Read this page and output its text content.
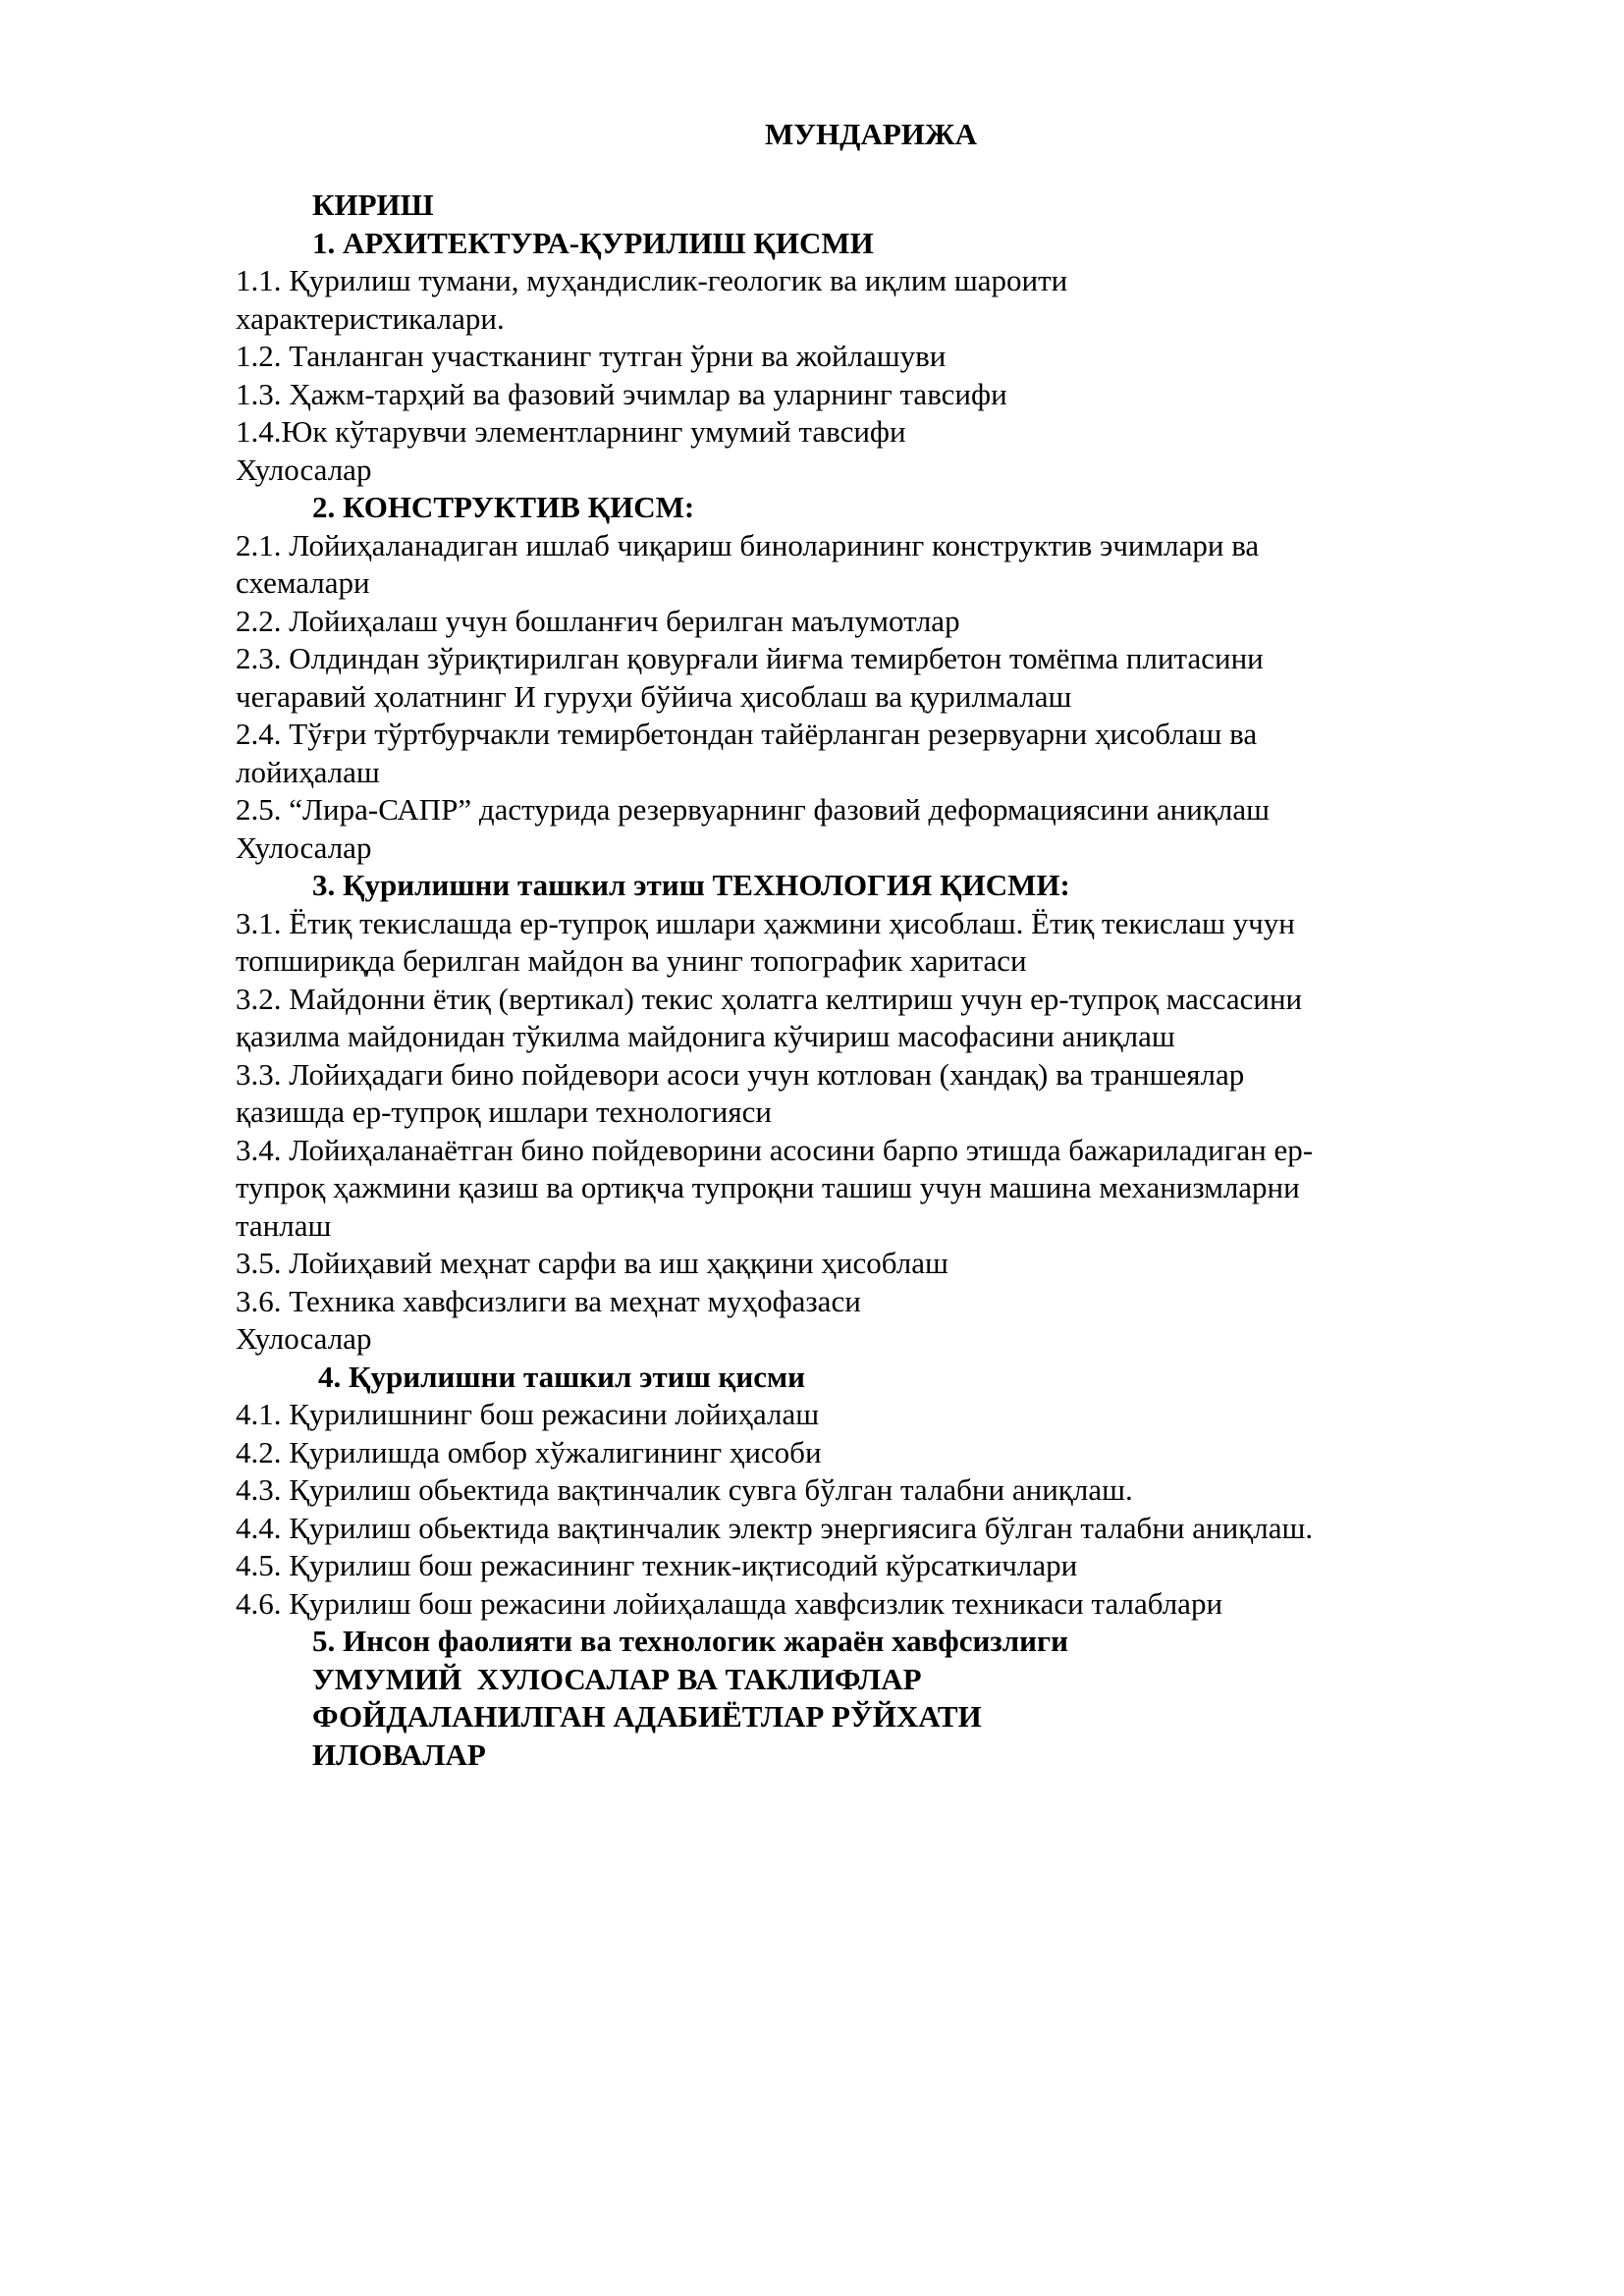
МУНДАРИЖА
КИРИШ
1. АРХИТЕКТУРА-ҚУРИЛИШ ҚИСМИ
1.1. Қурилиш тумани, муҳандислик-геологик ва иқлим шароити
характеристикалари.
1.2. Танланган участканинг тутган ўрни ва жойлашуви
1.3. Ҳажм-тарҳий ва фазовий эчимлар ва уларнинг тавсифи
1.4.Юк кўтарувчи элементларнинг умумий тавсифи
Хулосалар
2. КОНСТРУКТИВ ҚИСМ:
2.1. Лойиҳаланадиган ишлаб чиқариш биноларининг конструктив эчимлари ва
схемалари
2.2. Лойиҳалаш учун бошланғич берилган маълумотлар
2.3. Олдиндан зўриқтирилган қовурғали йиғма темирбетон томёпма плитасини
чегаравий ҳолатнинг И гуруҳи бўйича ҳисоблаш ва қурилмалаш
2.4. Тўғри тўртбурчакли темирбетондан тайёрланган резервуарни ҳисоблаш ва
лойиҳалаш
2.5. “Лира-САПР” дастурида резервуарнинг фазовий деформациясини аниқлаш
Хулосалар
3. Қурилишни ташкил этиш ТЕХНОЛОГИЯ ҚИСМИ:
3.1. Ётиқ текислашда ер-тупроқ ишлари ҳажмини ҳисоблаш. Ётиқ текислаш учун
топшириқда берилган майдон ва унинг топографик харитаси
3.2. Майдонни ётиқ (вертикал) текис ҳолатга келтириш учун ер-тупроқ массасини
қазилма майдонидан тўкилма майдонига кўчириш масофасини аниқлаш
3.3. Лойиҳадаги бино пойдевори асоси учун котлован (хандақ) ва траншеялар
қазишда ер-тупроқ ишлари технологияси
3.4. Лойиҳаланаётган бино пойдеворини асосини барпо этишда бажариладиган ер-
тупроқ ҳажмини қазиш ва ортиқча тупроқни ташиш учун машина механизмларни
танлаш
3.5. Лойиҳавий меҳнат сарфи ва иш ҳаққини ҳисоблаш
3.6. Техника хавфсизлиги ва меҳнат муҳофазаси
Хулосалар
4. Қурилишни ташкил этиш қисми
4.1. Қурилишнинг бош режасини лойиҳалаш
4.2. Қурилишда омбор хўжалигининг ҳисоби
4.3. Қурилиш обьектида вақтинчалик сувга бўлган талабни аниқлаш.
4.4. Қурилиш обьектида вақтинчалик электр энергиясига бўлган талабни аниқлаш.
4.5. Қурилиш бош режасининг техник-иқтисодий кўрсаткичлари
4.6. Қурилиш бош режасини лойиҳалашда хавфсизлик техникаси талаблари
5. Инсон фаолияти ва технологик жараён хавфсизлиги
УМУМИЙ  ХУЛОСАЛАР ВА ТАКЛИФЛАР
ФОЙДАЛАНИЛГАН АДАБИЁТЛАР РЎЙХАТИ
ИЛОВАЛАР
